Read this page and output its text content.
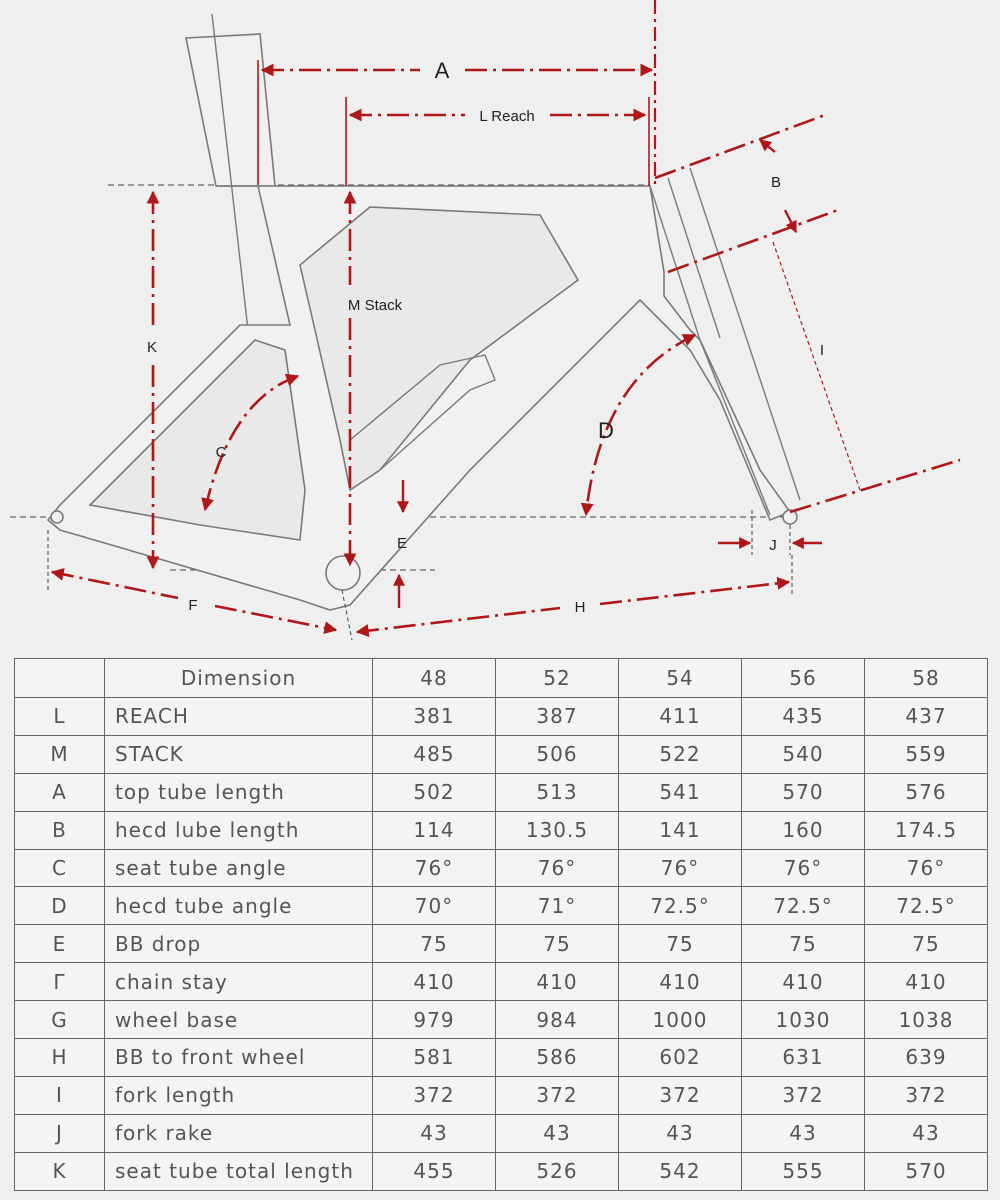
A
L Reach
B
I
K
M Stack
C
D
E	J
F	H
	Dimension	48	52	54	56	58
L	REACH	381	387	411	435	437
M	STACK	485	506	522	540	559
A	top tube length	502	513	541	570	576
B	hecd lube length	114	130.5	141	160	174.5
C	seat tube angle	76°	76°	76°	76°	76°
D	hecd tube angle	70°	71°	72.5°	72.5°	72.5°
E	BB drop	75	75	75	75	75
Γ	chain stay	410	410	410	410	410
G	wheel base	979	984	1000	1030	1038
H	BB to front wheel	581	586	602	631	639
I	fork length	372	372	372	372	372
J	fork rake	43	43	43	43	43
K	seat tube total length	455	526	542	555	570
